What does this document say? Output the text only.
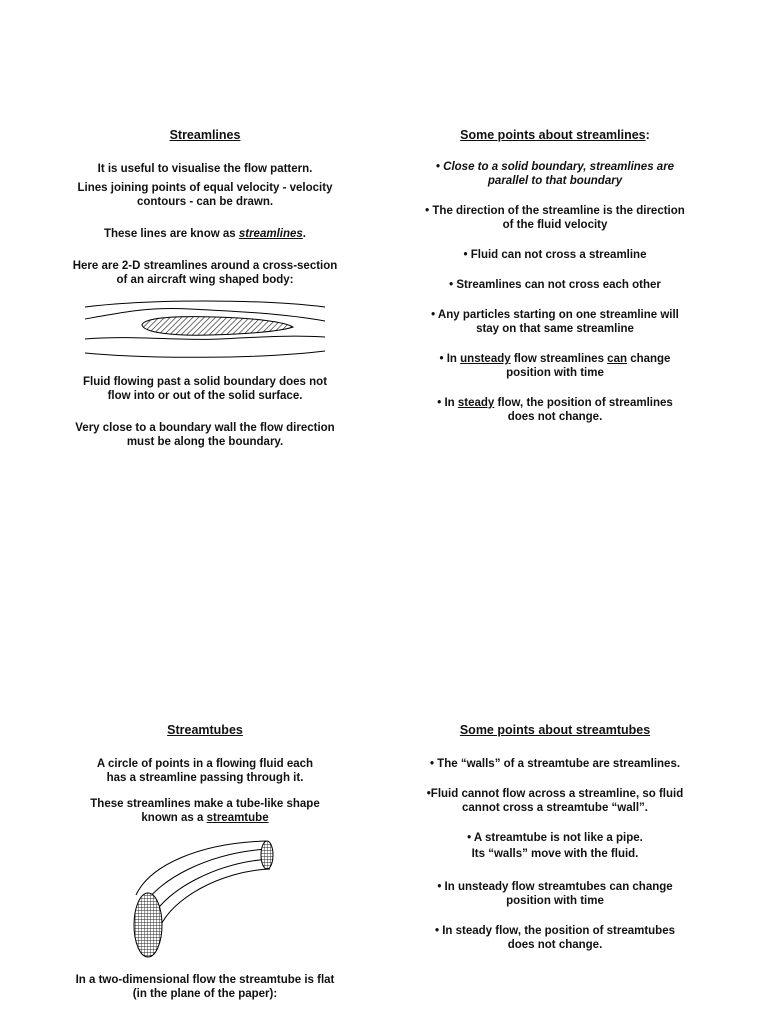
Streamlines

It is useful to visualise the flow pattern.

Lines joining points of equal velocity - velocity

contours - can be drawn.

These lines are know as streamlines.

Here are 2-D streamlines around a cross-section

of an aircraft wing shaped body:

Fluid flowing past a solid boundary does not

flow into or out of the solid surface.

Very close to a boundary wall the flow direction

must be along the boundary.

Some points about streamlines:

• Close to a solid boundary, streamlines are

parallel to that boundary

• The direction of the streamline is the direction

of the fluid velocity

• Fluid can not cross a streamline

• Streamlines can not cross each other

• Any particles starting on one streamline will

stay on that same streamline

• In unsteady flow streamlines can change

position with time

• In steady flow, the position of streamlines

does not change.

Streamtubes

A circle of points in a flowing fluid each

has a streamline passing through it.

These streamlines make a tube-like shape

known as a streamtube

In a two-dimensional flow the streamtube is flat

(in the plane of the paper):

Some points about streamtubes

• The “walls” of a streamtube are streamlines.

•Fluid cannot flow across a streamline, so fluid

cannot cross a streamtube “wall”.

• A streamtube is not like a pipe.

Its “walls” move with the fluid.

• In unsteady flow streamtubes can change

position with time

• In steady flow, the position of streamtubes

does not change.
